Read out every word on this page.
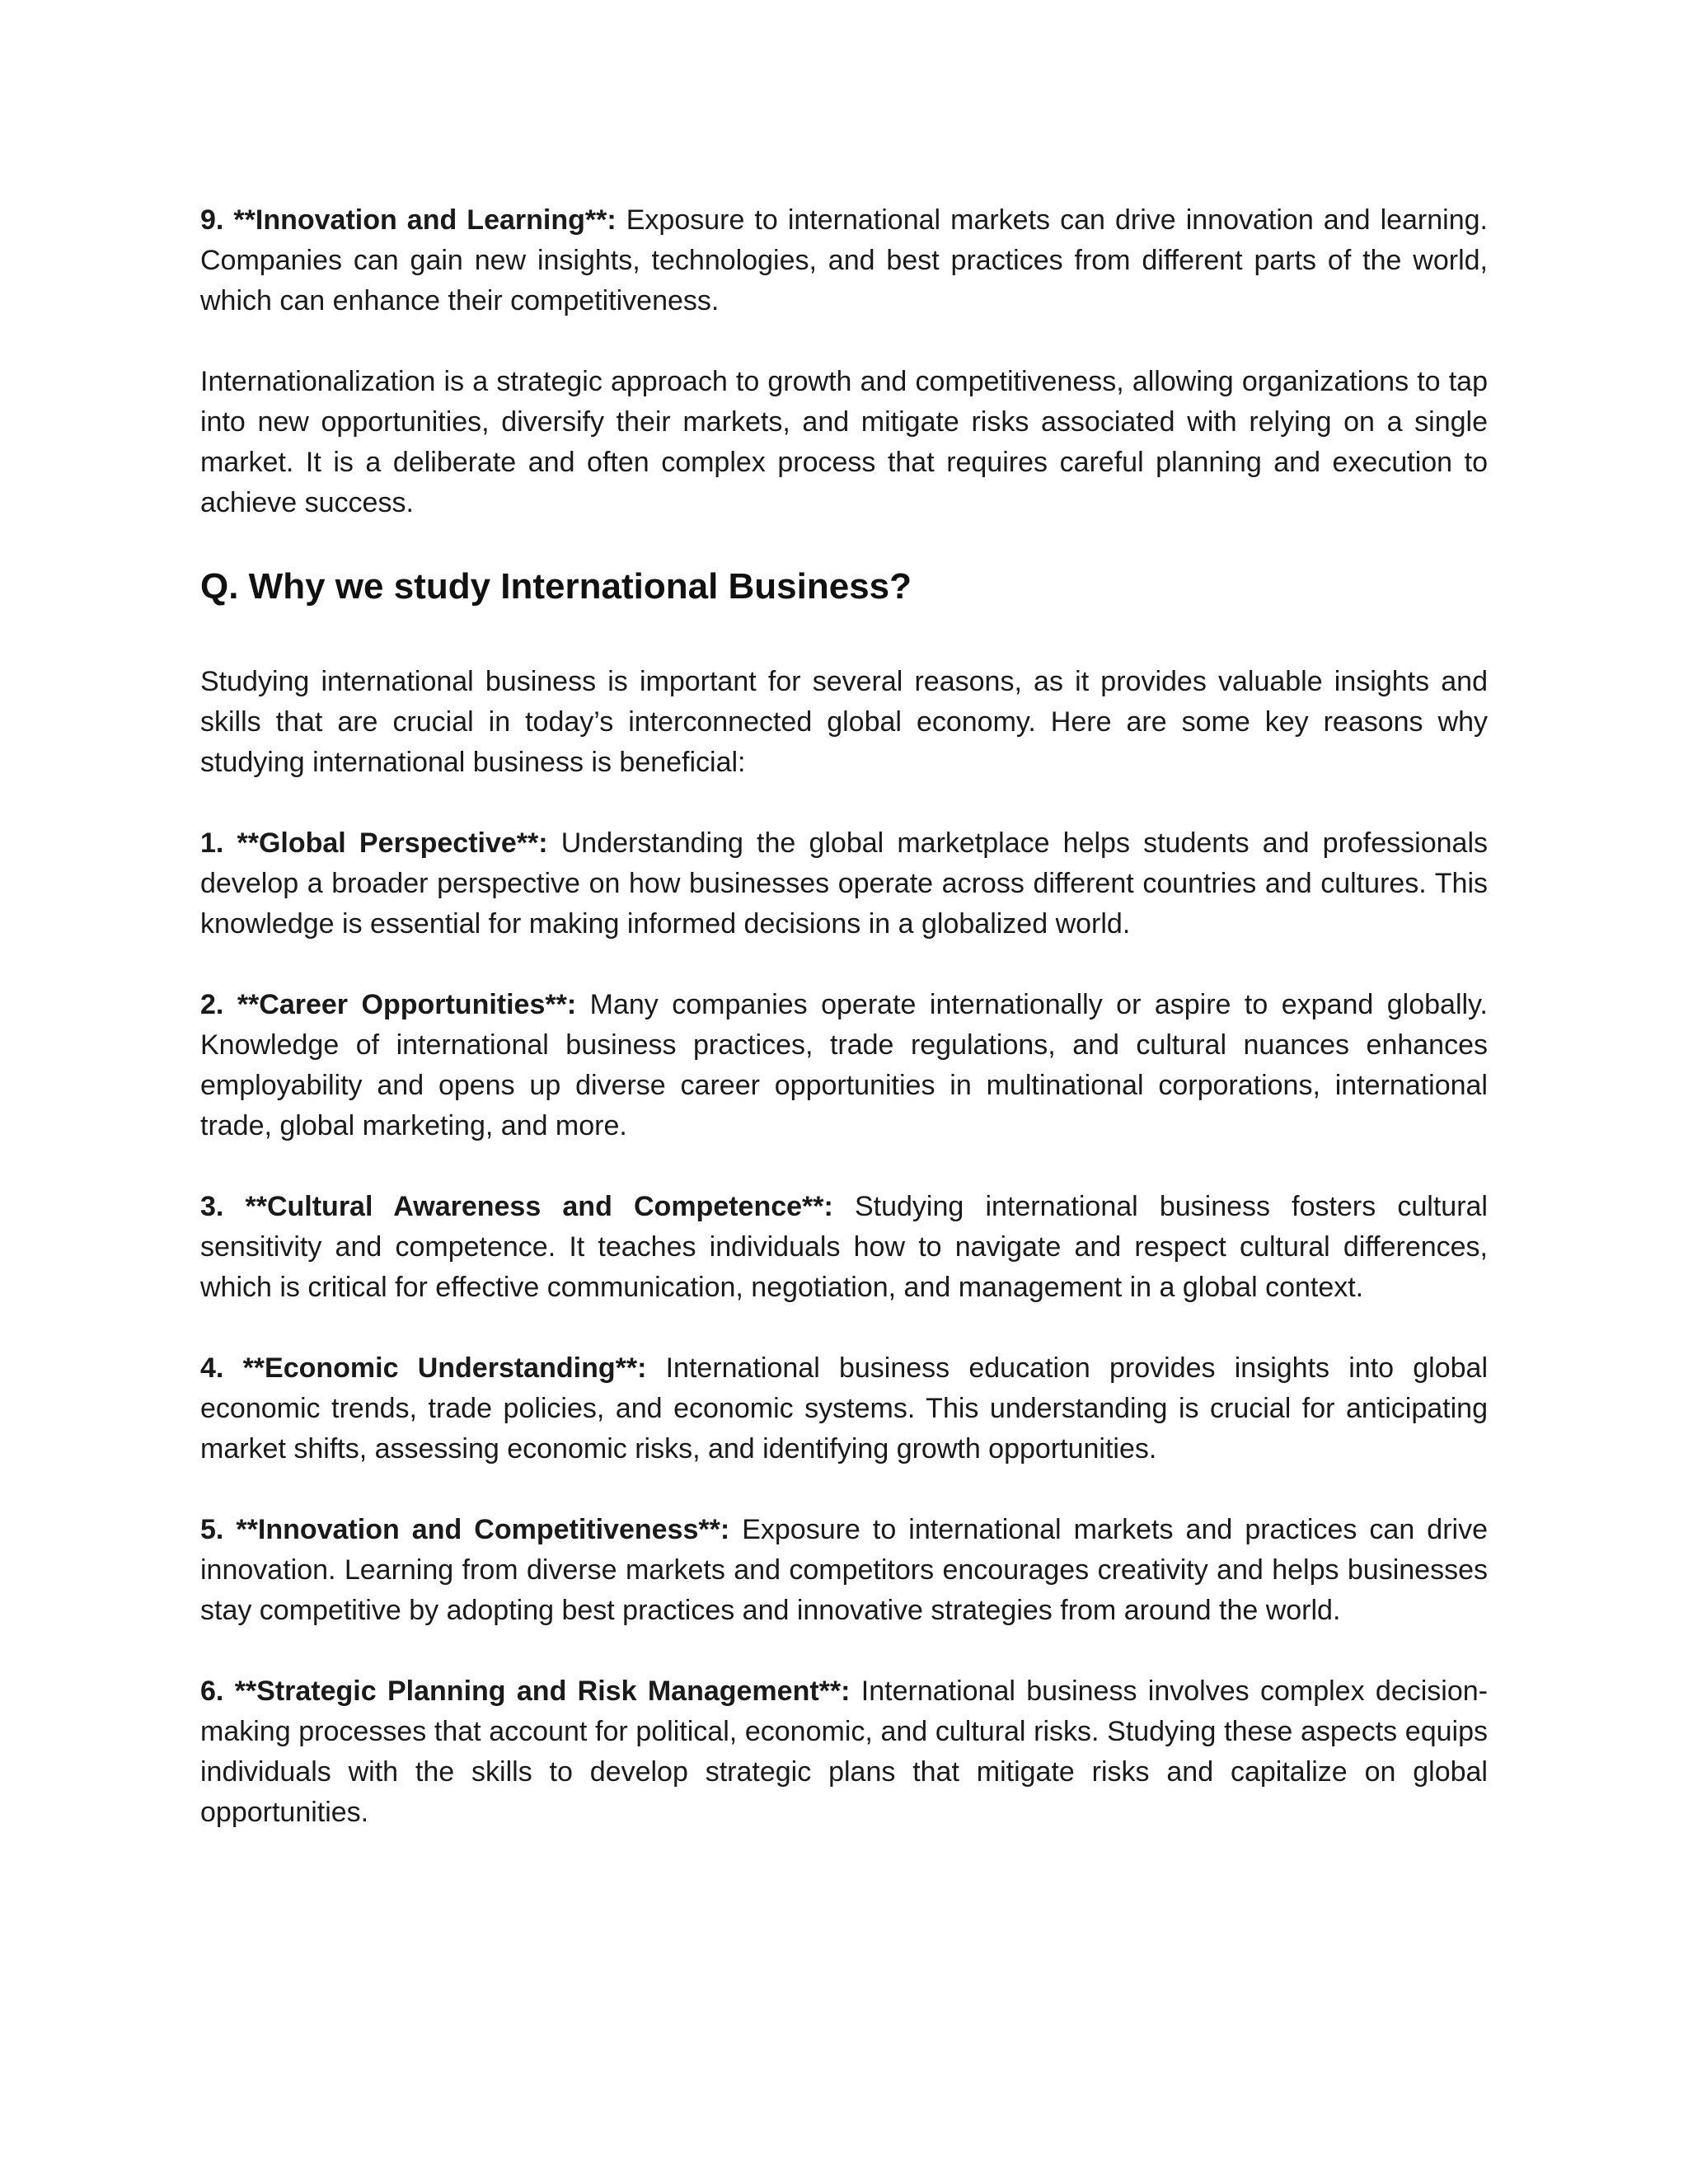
9. **Innovation and Learning**: Exposure to international markets can drive innovation and learning. Companies can gain new insights, technologies, and best practices from different parts of the world, which can enhance their competitiveness.

Internationalization is a strategic approach to growth and competitiveness, allowing organizations to tap into new opportunities, diversify their markets, and mitigate risks associated with relying on a single market. It is a deliberate and often complex process that requires careful planning and execution to achieve success.

Q. Why we study International Business?

Studying international business is important for several reasons, as it provides valuable insights and skills that are crucial in today’s interconnected global economy. Here are some key reasons why studying international business is beneficial:

1. **Global Perspective**: Understanding the global marketplace helps students and professionals develop a broader perspective on how businesses operate across different countries and cultures. This knowledge is essential for making informed decisions in a globalized world.

2. **Career Opportunities**: Many companies operate internationally or aspire to expand globally. Knowledge of international business practices, trade regulations, and cultural nuances enhances employability and opens up diverse career opportunities in multinational corporations, international trade, global marketing, and more.

3. **Cultural Awareness and Competence**: Studying international business fosters cultural sensitivity and competence. It teaches individuals how to navigate and respect cultural differences, which is critical for effective communication, negotiation, and management in a global context.

4. **Economic Understanding**: International business education provides insights into global economic trends, trade policies, and economic systems. This understanding is crucial for anticipating market shifts, assessing economic risks, and identifying growth opportunities.

5. **Innovation and Competitiveness**: Exposure to international markets and practices can drive innovation. Learning from diverse markets and competitors encourages creativity and helps businesses stay competitive by adopting best practices and innovative strategies from around the world.

6. **Strategic Planning and Risk Management**: International business involves complex decision-making processes that account for political, economic, and cultural risks. Studying these aspects equips individuals with the skills to develop strategic plans that mitigate risks and capitalize on global opportunities.
